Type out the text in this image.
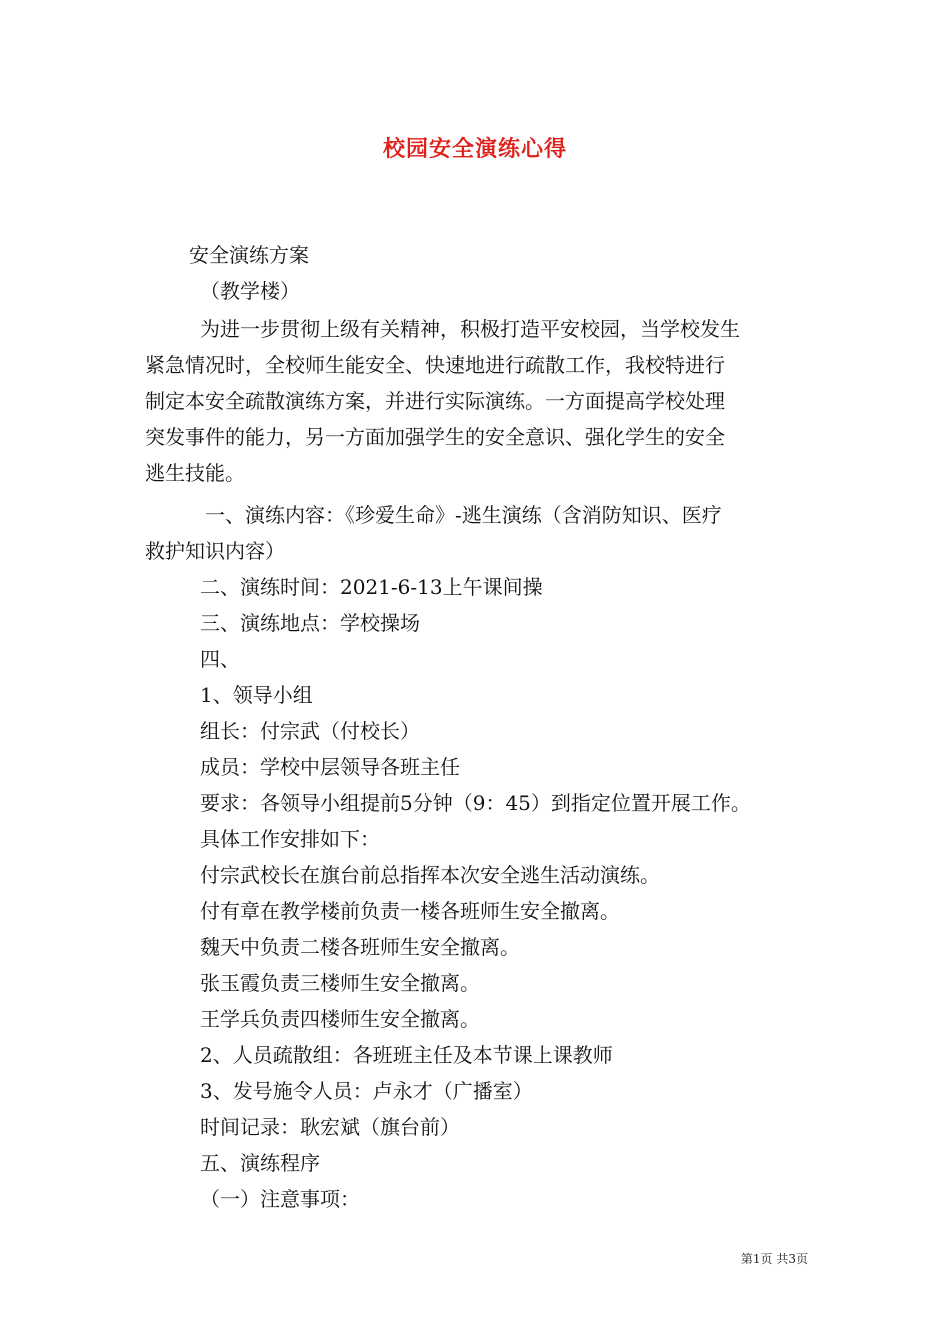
校园安全演练心得
安全演练方案
（教学楼）
为进一步贯彻上级有关精神，积极打造平安校园，当学校发生
紧急情况时，全校师生能安全、快速地进行疏散工作，我校特进行
制定本安全疏散演练方案，并进行实际演练。一方面提高学校处理
突发事件的能力，另一方面加强学生的安全意识、强化学生的安全
逃生技能。
一、演练内容：《珍爱生命》-逃生演练（含消防知识、医疗
救护知识内容）
二、演练时间：2021-6-13上午课间操
三、演练地点：学校操场
四、
1、领导小组
组长：付宗武（付校长）
成员：学校中层领导各班主任
要求：各领导小组提前5分钟（9：45）到指定位置开展工作。
具体工作安排如下：
付宗武校长在旗台前总指挥本次安全逃生活动演练。
付有章在教学楼前负责一楼各班师生安全撤离。
魏天中负责二楼各班师生安全撤离。
张玉霞负责三楼师生安全撤离。
王学兵负责四楼师生安全撤离。
2、人员疏散组：各班班主任及本节课上课教师
3、发号施令人员：卢永才（广播室）
时间记录：耿宏斌（旗台前）
五、演练程序
（一）注意事项：
第1页 共3页
